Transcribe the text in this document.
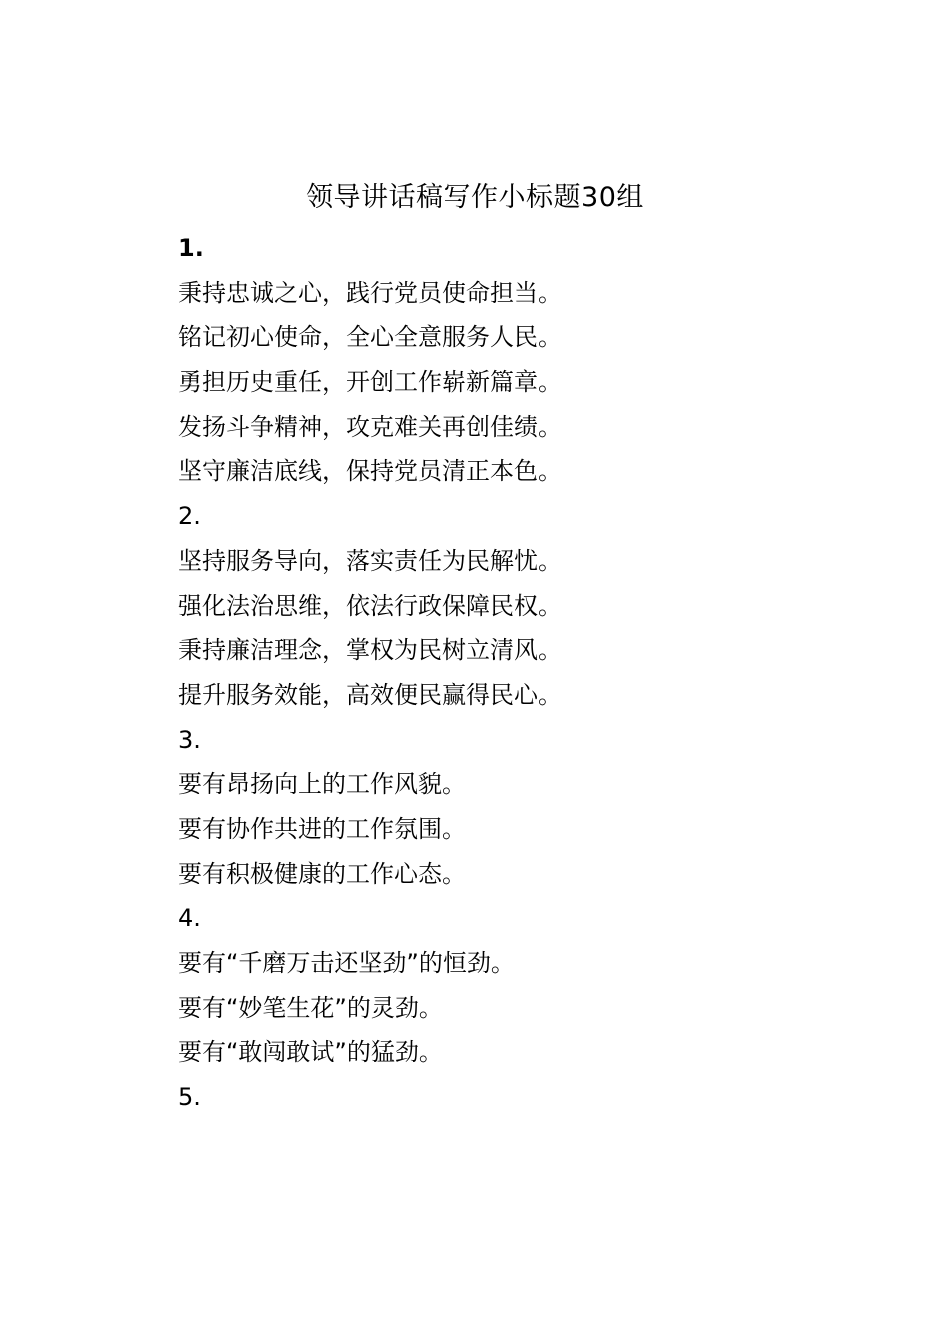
领导讲话稿写作小标题30组
1.
秉持忠诚之心，践行党员使命担当。
铭记初心使命，全心全意服务人民。
勇担历史重任，开创工作崭新篇章。
发扬斗争精神，攻克难关再创佳绩。
坚守廉洁底线，保持党员清正本色。
2.
坚持服务导向，落实责任为民解忧。
强化法治思维，依法行政保障民权。
秉持廉洁理念，掌权为民树立清风。
提升服务效能，高效便民赢得民心。
3.
要有昂扬向上的工作风貌。
要有协作共进的工作氛围。
要有积极健康的工作心态。
4.
要有“千磨万击还坚劲”的恒劲。
要有“妙笔生花”的灵劲。
要有“敢闯敢试”的猛劲。
5.
